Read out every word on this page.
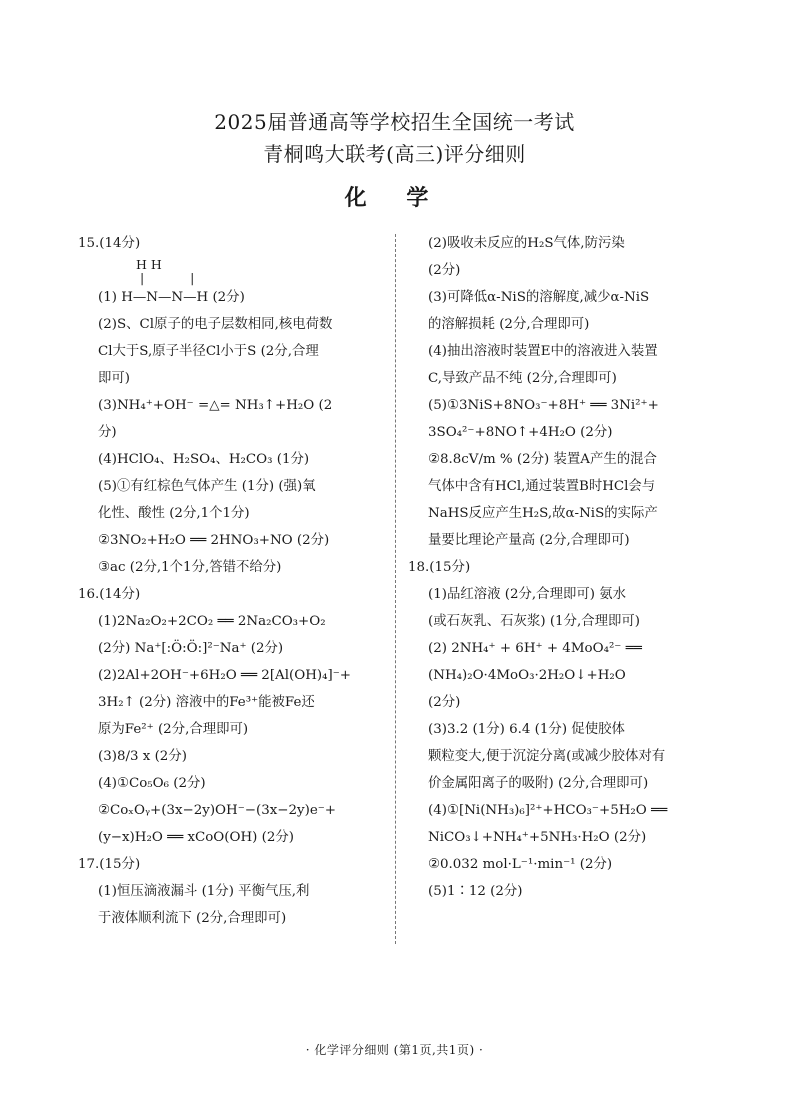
2025届普通高等学校招生全国统一考试
青桐鸣大联考(高三)评分细则
化 学
15.(14分)
H H
| |
(1) H—N—N—H (2分)
(2)S、Cl原子的电子层数相同,核电荷数
Cl大于S,原子半径Cl小于S (2分,合理
即可)
(3)NH₄⁺+OH⁻ =△= NH₃↑+H₂O (2
分)
(4)HClO₄、H₂SO₄、H₂CO₃ (1分)
(5)①有红棕色气体产生 (1分) (强)氧
化性、酸性 (2分,1个1分)
②3NO₂+H₂O ══ 2HNO₃+NO (2分)
③ac (2分,1个1分,答错不给分)
16.(14分)
(1)2Na₂O₂+2CO₂ ══ 2Na₂CO₃+O₂
(2分) Na⁺[:Ö:Ö:]²⁻Na⁺ (2分)
(2)2Al+2OH⁻+6H₂O ══ 2[Al(OH)₄]⁻+
3H₂↑ (2分) 溶液中的Fe³⁺能被Fe还
原为Fe²⁺ (2分,合理即可)
(3)8/3 x (2分)
(4)①Co₅O₆ (2分)
②CoₓOᵧ+(3x−2y)OH⁻−(3x−2y)e⁻+
(y−x)H₂O ══ xCoO(OH) (2分)
17.(15分)
(1)恒压滴液漏斗 (1分) 平衡气压,利
于液体顺利流下 (2分,合理即可)
(2)吸收未反应的H₂S气体,防污染
(2分)
(3)可降低α-NiS的溶解度,减少α-NiS
的溶解损耗 (2分,合理即可)
(4)抽出溶液时装置E中的溶液进入装置
C,导致产品不纯 (2分,合理即可)
(5)①3NiS+8NO₃⁻+8H⁺ ══ 3Ni²⁺+
3SO₄²⁻+8NO↑+4H₂O (2分)
②8.8cV/m % (2分) 装置A产生的混合
气体中含有HCl,通过装置B时HCl会与
NaHS反应产生H₂S,故α-NiS的实际产
量要比理论产量高 (2分,合理即可)
18.(15分)
(1)品红溶液 (2分,合理即可) 氨水
(或石灰乳、石灰浆) (1分,合理即可)
(2) 2NH₄⁺ + 6H⁺ + 4MoO₄²⁻ ══
(NH₄)₂O·4MoO₃·2H₂O↓+H₂O
(2分)
(3)3.2 (1分) 6.4 (1分) 促使胶体
颗粒变大,便于沉淀分离(或减少胶体对有
价金属阳离子的吸附) (2分,合理即可)
(4)①[Ni(NH₃)₆]²⁺+HCO₃⁻+5H₂O ══
NiCO₃↓+NH₄⁺+5NH₃·H₂O (2分)
②0.032 mol·L⁻¹·min⁻¹ (2分)
(5)1∶12 (2分)
· 化学评分细则 (第1页,共1页) ·
